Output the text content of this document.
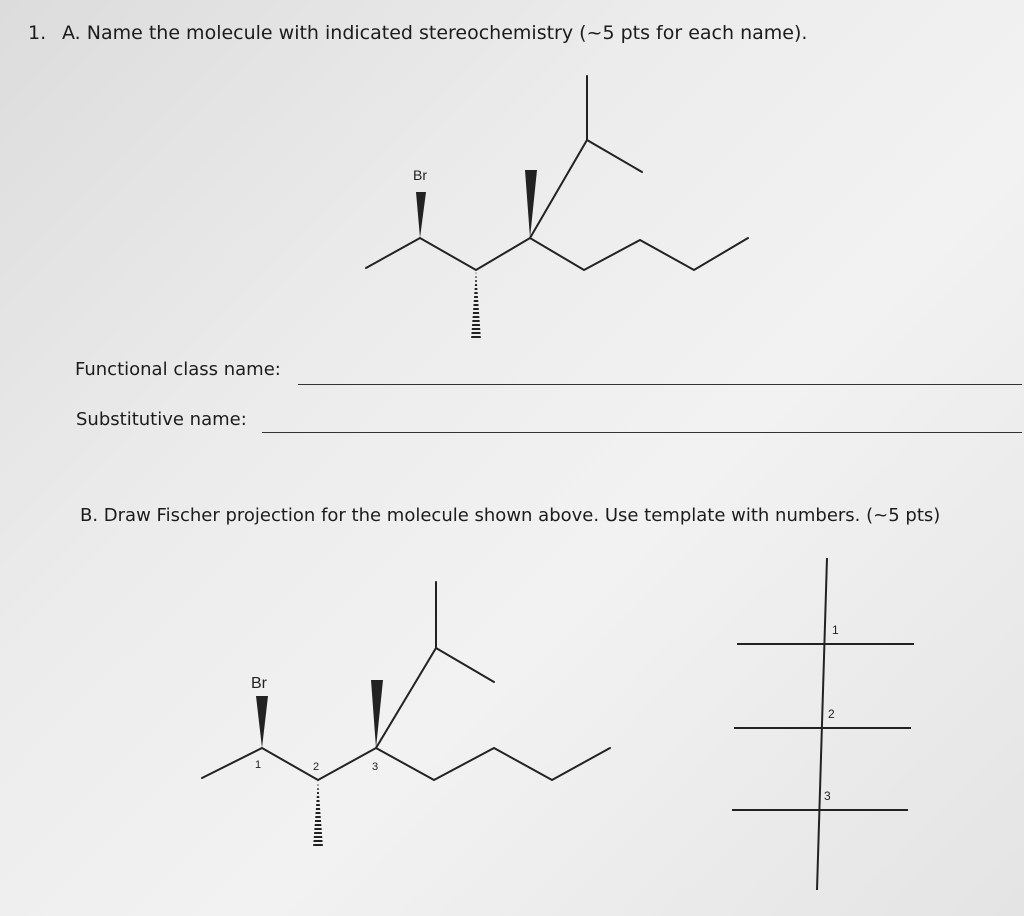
1. A. Name the molecule with indicated stereochemistry (~5 pts for each name).
Functional class name:
Substitutive name:
B. Draw Fischer projection for the molecule shown above. Use template with numbers. (~5 pts)
Br
Br
1	2	3
1
2
3
